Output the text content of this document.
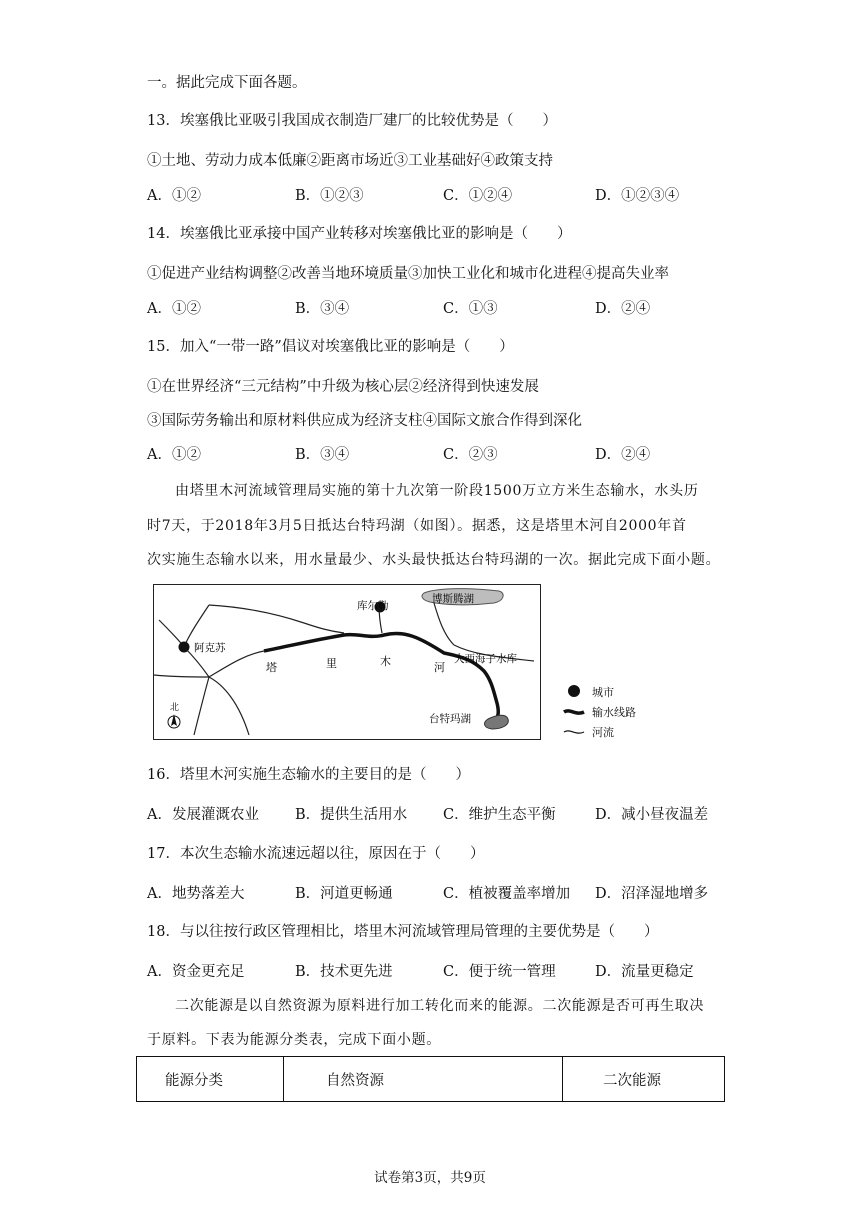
一。据此完成下面各题。
13．埃塞俄比亚吸引我国成衣制造厂建厂的比较优势是（　　）
①土地、劳动力成本低廉②距离市场近③工业基础好④政策支持
A．①②	B．①②③	C．①②④	D．①②③④
14．埃塞俄比亚承接中国产业转移对埃塞俄比亚的影响是（　　）
①促进产业结构调整②改善当地环境质量③加快工业化和城市化进程④提高失业率
A．①②	B．③④	C．①③	D．②④
15．加入“一带一路”倡议对埃塞俄比亚的影响是（　　）
①在世界经济“三元结构”中升级为核心层②经济得到快速发展
③国际劳务输出和原材料供应成为经济支柱④国际文旅合作得到深化
A．①②	B．③④	C．②③	D．②④
由塔里木河流域管理局实施的第十九次第一阶段1500万立方米生态输水，水头历
时7天，于2018年3月5日抵达台特玛湖（如图）。据悉，这是塔里木河自2000年首
次实施生态输水以来，用水量最少、水头最快抵达台特玛湖的一次。据此完成下面小题。
库尔勒
博斯腾湖
阿克苏
塔	里	木	河
大西海子水库
台特玛湖
北
城市
输水线路
河流
16．塔里木河实施生态输水的主要目的是（　　）
A．发展灌溉农业 B．提供生活用水 C．维护生态平衡	D．减小昼夜温差
17．本次生态输水流速远超以往，原因在于（　　）
A．地势落差大	B．河道更畅通	C．植被覆盖率增加 D．沼泽湿地增多
18．与以往按行政区管理相比，塔里木河流域管理局管理的主要优势是（　　）
A．资金更充足	B．技术更先进	C．便于统一管理	D．流量更稳定
二次能源是以自然资源为原料进行加工转化而来的能源。二次能源是否可再生取决
于原料。下表为能源分类表，完成下面小题。
能源分类	自然资源	二次能源
试卷第3页，共9页
